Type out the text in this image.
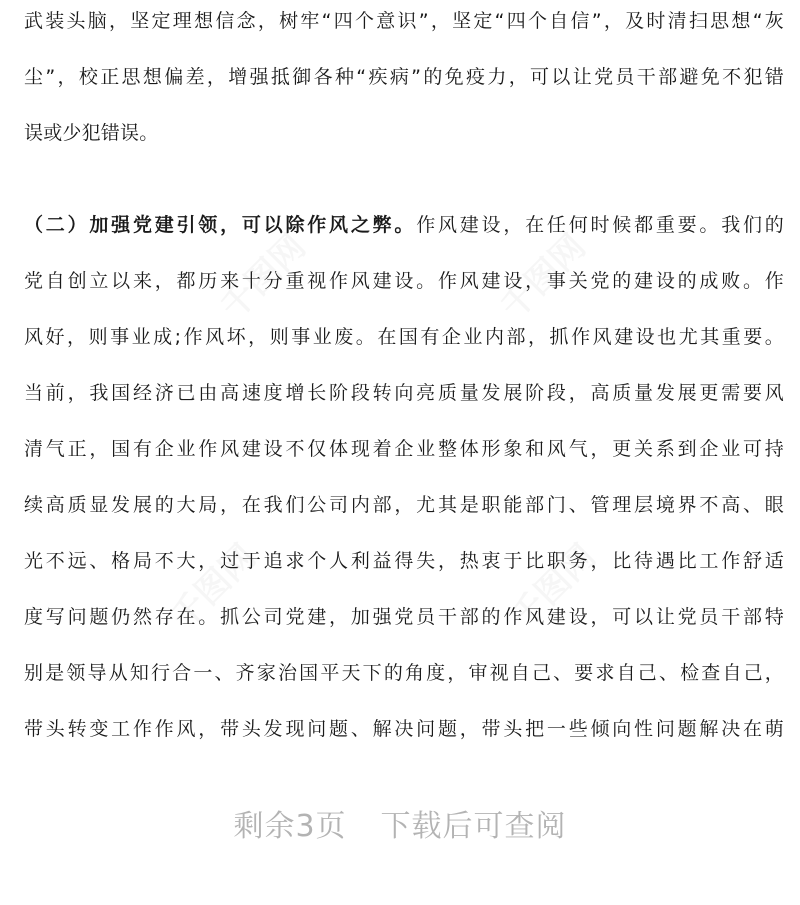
武装头脑，坚定理想信念，树牢“四个意识”，坚定“四个自信”，及时清扫思想“灰
尘”，校正思想偏差，增强抵御各种“疾病”的免疫力，可以让党员干部避免不犯错
误或少犯错误。
（二）加强党建引领，可以除作风之弊。作风建设，在任何时候都重要。我们的
党自创立以来，都历来十分重视作风建设。作风建设，事关党的建设的成败。作
风好，则事业成;作风坏，则事业废。在国有企业内部，抓作风建设也尤其重要。
当前，我国经济已由高速度增长阶段转向亮质量发展阶段，高质量发展更需要风
清气正，国有企业作风建设不仅体现着企业整体形象和风气，更关系到企业可持
续高质显发展的大局，在我们公司内部，尤其是职能部门、管理层境界不高、眼
光不远、格局不大，过于追求个人利益得失，热衷于比职务，比待遇比工作舒适
度写问题仍然存在。抓公司党建，加强党员干部的作风建设，可以让党员干部特
别是领导从知行合一、齐家治国平天下的角度，审视自己、要求自己、检查自己，
带头转变工作作风，带头发现问题、解决问题，带头把一些倾向性问题解决在萌
剩余3页 下载后可查阅
